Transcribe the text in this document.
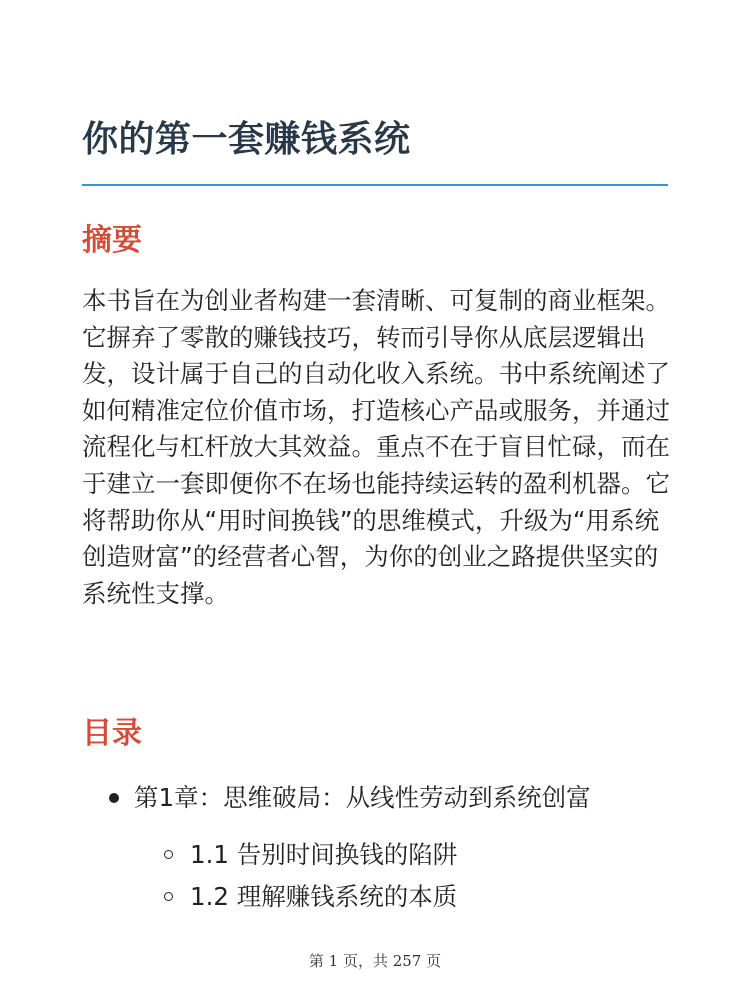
你的第一套赚钱系统
摘要

本书旨在为创业者构建一套清晰、可复制的商业框架。它摒弃了零散的赚钱技巧，转而引导你从底层逻辑出发，设计属于自己的自动化收入系统。书中系统阐述了如何精准定位价值市场，打造核心产品或服务，并通过流程化与杠杆放大其效益。重点不在于盲目忙碌，而在于建立一套即便你不在场也能持续运转的盈利机器。它将帮助你从“用时间换钱”的思维模式，升级为“用系统创造财富”的经营者心智，为你的创业之路提供坚实的系统性支撑。

目录
第1章：思维破局：从线性劳动到系统创富
1.1 告别时间换钱的陷阱
1.2 理解赚钱系统的本质
第 1 页，共 257 页
